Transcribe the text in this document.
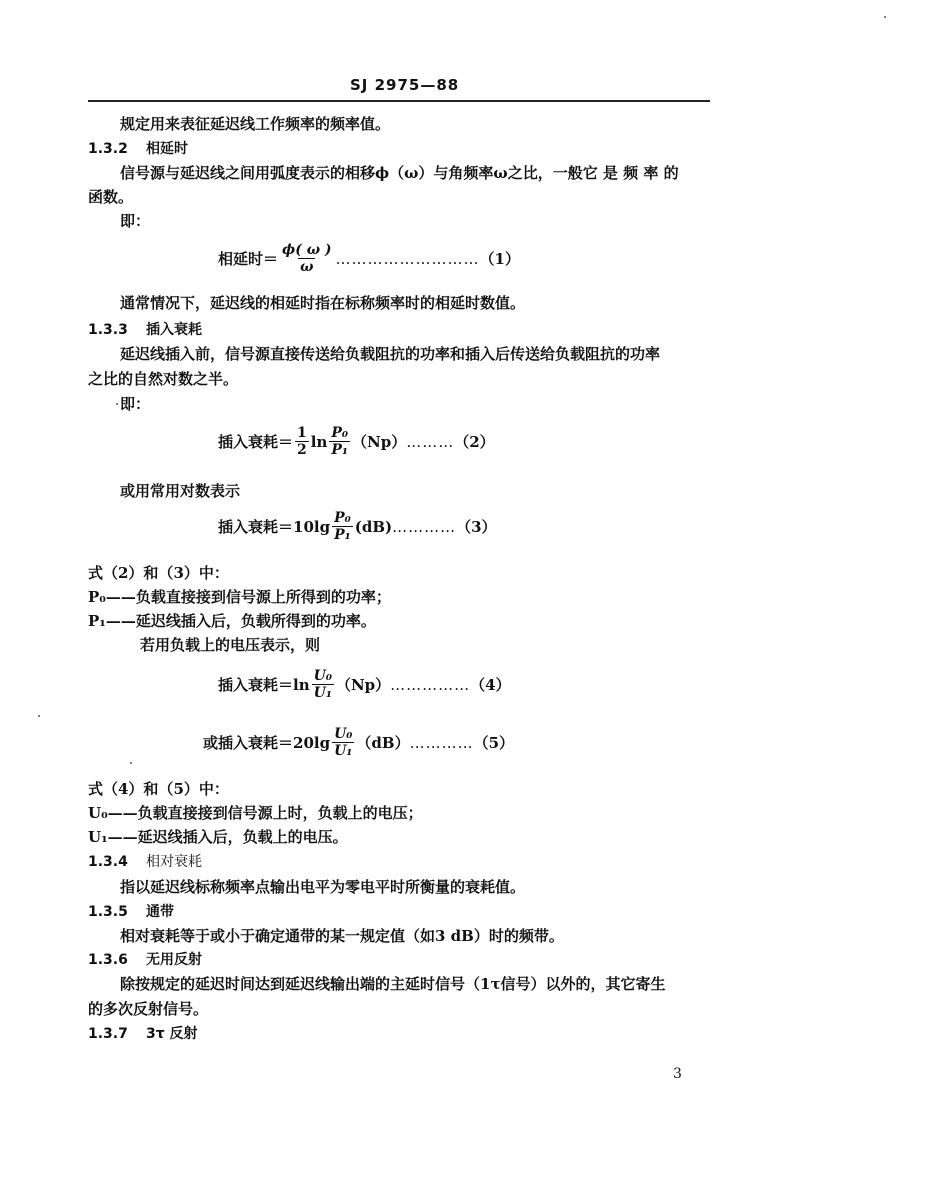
SJ 2975—88
规定用来表征延迟线工作频率的频率值。
1.3.2 相延时
信号源与延迟线之间用弧度表示的相移ϕ（ω）与角频率ω之比，一般它 是 频 率 的
函数。
即：
相延时＝ $\frac{\phi( \omega )}{\omega}$ ……………………… （1）
通常情况下，延迟线的相延时指在标称频率时的相延时数值。
1.3.3 插入衰耗
延迟线插入前，信号源直接传送给负载阻抗的功率和插入后传送给负载阻抗的功率
之比的自然对数之半。
即：
插入衰耗＝ $\frac{1}{2}$ $\ln \frac{\text{P₀}}{\text{P₁}} (Np)$ ……… （2）
或用常用对数表示
插入衰耗＝ $10\lg \frac{\text{P₀}}{\text{P₁}} (dB)$ ………… （3）
式（2）和（3）中：
P₀——负载直接接到信号源上所得到的功率；
P₁——延迟线插入后，负载所得到的功率。
若用负载上的电压表示，则
插入衰耗＝ $\ln \frac{\text{U₀}}{\text{U₁}} (Np)$ …………… （4）
或插入衰耗＝ $20\lg \frac{\text{U₀}}{\text{U₁}} (dB)$ ………… （5）
式（4）和（5）中：
U₀——负载直接接到信号源上时，负载上的电压；
U₁——延迟线插入后，负载上的电压。
1.3.4 相对衰耗
指以延迟线标称频率点输出电平为零电平时所衡量的衰耗值。
1.3.5 通带
相对衰耗等于或小于确定通带的某一规定值（如3 dB）时的频带。
1.3.6 无用反射
除按规定的延迟时间达到延迟线输出端的主延时信号（1τ信号）以外的，其它寄生
的多次反射信号。
1.3.7 3τ 反射
3
